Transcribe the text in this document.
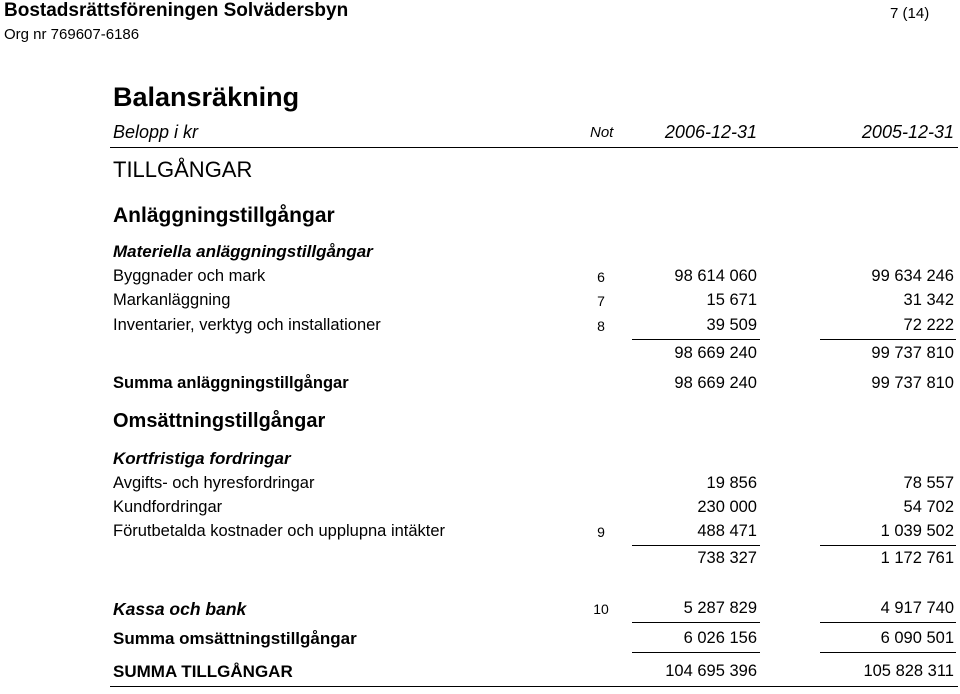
Bostadsrättsföreningen Solvädersbyn
Org nr 769607-6186
7 (14)
Balansräkning
Belopp i kr	Not	2006-12-31	2005-12-31
TILLGÅNGAR
Anläggningstillgångar
Materiella anläggningstillgångar
Byggnader och mark	6	98 614 060	99 634 246
Markanläggning	7	15 671	31 342
Inventarier, verktyg och installationer	8	39 509	72 222
98 669 240	99 737 810
Summa anläggningstillgångar	98 669 240	99 737 810
Omsättningstillgångar
Kortfristiga fordringar
Avgifts- och hyresfordringar	19 856	78 557
Kundfordringar	230 000	54 702
Förutbetalda kostnader och upplupna intäkter	9	488 471	1 039 502
738 327	1 172 761
Kassa och bank	10	5 287 829	4 917 740
Summa omsättningstillgångar	6 026 156	6 090 501
SUMMA TILLGÅNGAR	104 695 396	105 828 311
